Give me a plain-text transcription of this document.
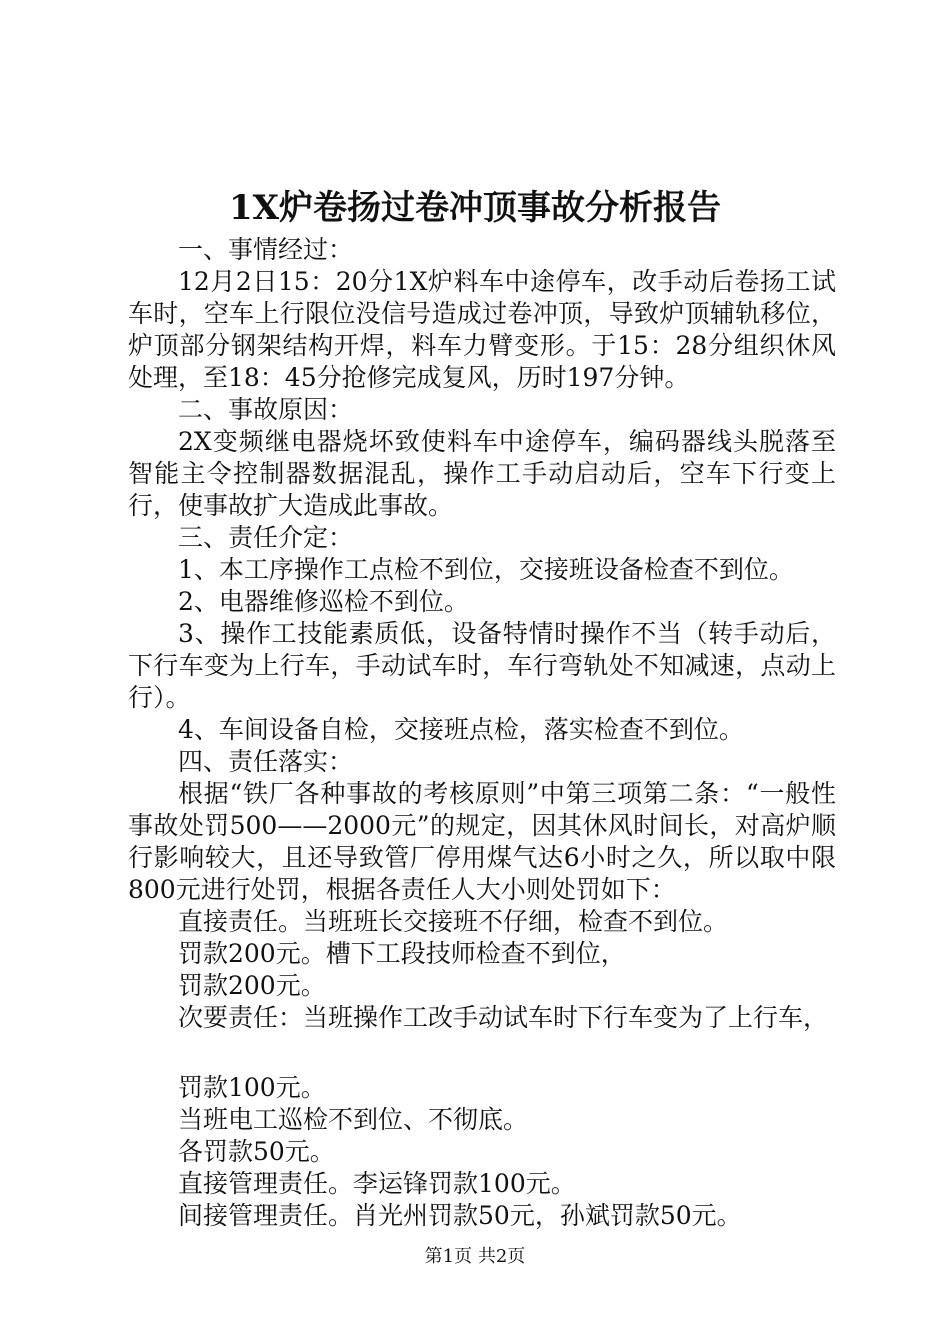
1X炉卷扬过卷冲顶事故分析报告

一、事情经过：

12月2日15：20分1X炉料车中途停车，改手动后卷扬工试车时，空车上行限位没信号造成过卷冲顶，导致炉顶辅轨移位，炉顶部分钢架结构开焊，料车力臂变形。于15：28分组织休风处理，至18：45分抢修完成复风，历时197分钟。

二、事故原因：

2X变频继电器烧坏致使料车中途停车，编码器线头脱落至智能主令控制器数据混乱，操作工手动启动后，空车下行变上行，使事故扩大造成此事故。

三、责任介定：

1、本工序操作工点检不到位，交接班设备检查不到位。

2、电器维修巡检不到位。

3、操作工技能素质低，设备特情时操作不当（转手动后，下行车变为上行车，手动试车时，车行弯轨处不知减速，点动上行）。

4、车间设备自检，交接班点检，落实检查不到位。

四、责任落实：

根据“铁厂各种事故的考核原则”中第三项第二条：“一般性事故处罚500——2000元”的规定，因其休风时间长，对高炉顺行影响较大，且还导致管厂停用煤气达6小时之久，所以取中限800元进行处罚，根据各责任人大小则处罚如下：

直接责任。当班班长交接班不仔细，检查不到位。

罚款200元。槽下工段技师检查不到位，

罚款200元。

次要责任：当班操作工改手动试车时下行车变为了上行车，

罚款100元。

当班电工巡检不到位、不彻底。

各罚款50元。

直接管理责任。李运锋罚款100元。

间接管理责任。肖光州罚款50元，孙斌罚款50元。

第1页 共2页
